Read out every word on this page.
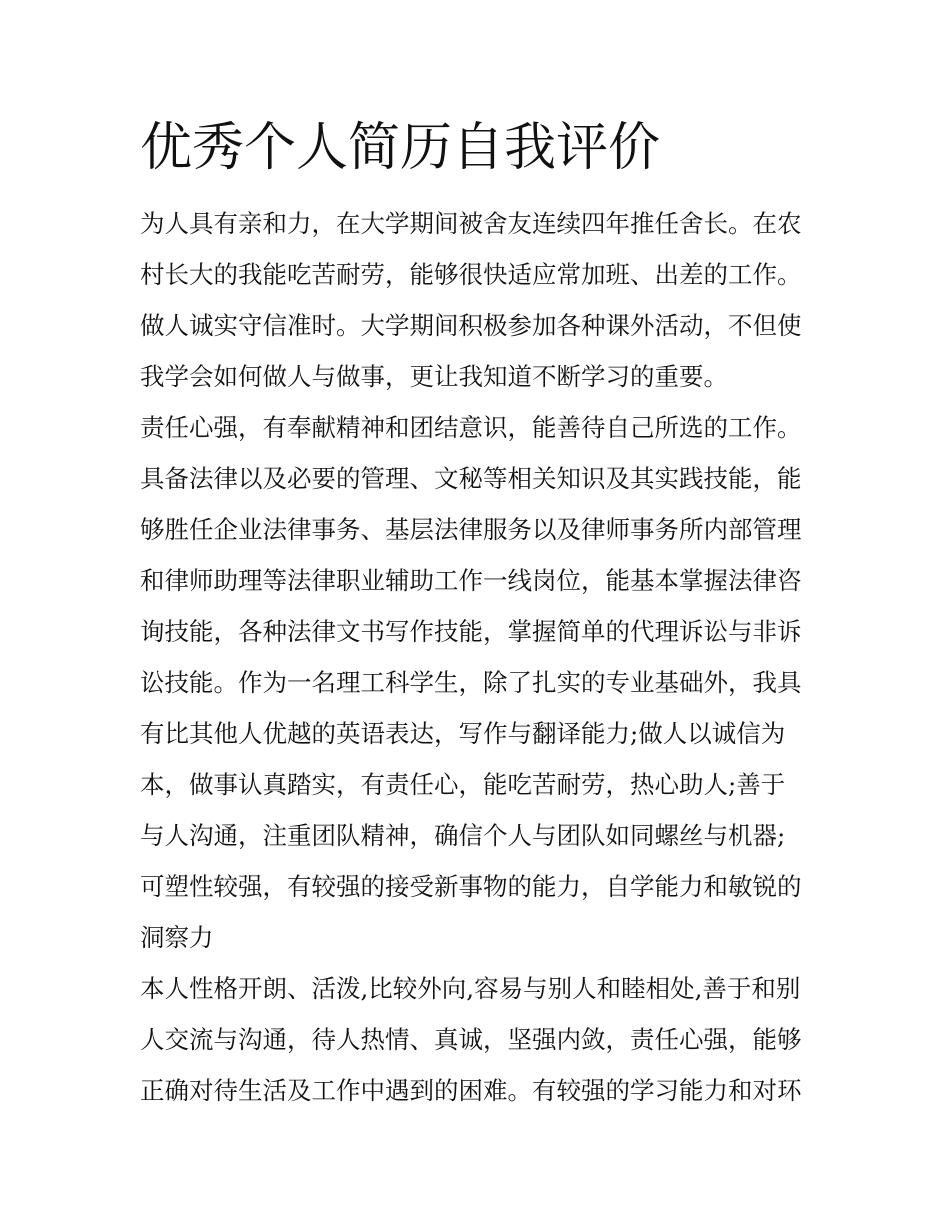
优秀个人简历自我评价

为人具有亲和力，在大学期间被舍友连续四年推任舍长。在农

村长大的我能吃苦耐劳，能够很快适应常加班、出差的工作。

做人诚实守信准时。大学期间积极参加各种课外活动，不但使

我学会如何做人与做事，更让我知道不断学习的重要。

责任心强，有奉献精神和团结意识，能善待自己所选的工作。

具备法律以及必要的管理、文秘等相关知识及其实践技能，能

够胜任企业法律事务、基层法律服务以及律师事务所内部管理

和律师助理等法律职业辅助工作一线岗位，能基本掌握法律咨

询技能，各种法律文书写作技能，掌握简单的代理诉讼与非诉

讼技能。作为一名理工科学生，除了扎实的专业基础外，我具

有比其他人优越的英语表达，写作与翻译能力;做人以诚信为

本，做事认真踏实，有责任心，能吃苦耐劳，热心助人;善于

与人沟通，注重团队精神，确信个人与团队如同螺丝与机器;

可塑性较强，有较强的接受新事物的能力，自学能力和敏锐的

洞察力

本人性格开朗、活泼,比较外向,容易与别人和睦相处,善于和别

人交流与沟通，待人热情、真诚，坚强内敛，责任心强，能够

正确对待生活及工作中遇到的困难。有较强的学习能力和对环
